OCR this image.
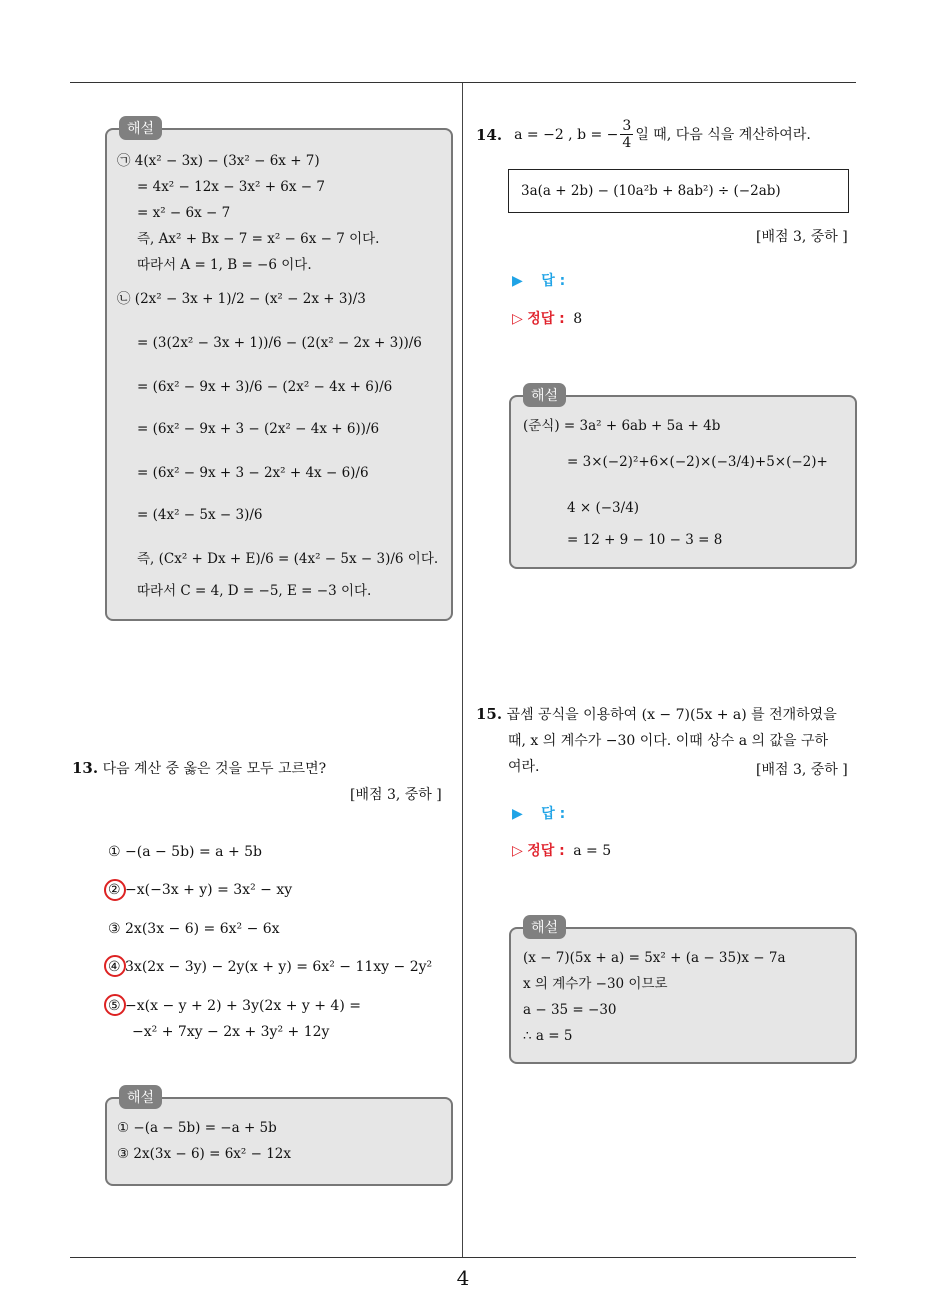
해설
㉠ 4(x² − 3x) − (3x² − 6x + 7)
= 4x² − 12x − 3x² + 6x − 7
= x² − 6x − 7
즉, Ax² + Bx − 7 = x² − 6x − 7 이다.
따라서 A = 1, B = −6 이다.
㉡ (2x² − 3x + 1)/2 − (x² − 2x + 3)/3
= (3(2x² − 3x + 1))/6 − (2(x² − 2x + 3))/6
= (6x² − 9x + 3)/6 − (2x² − 4x + 6)/6
= (6x² − 9x + 3 − (2x² − 4x + 6))/6
= (6x² − 9x + 3 − 2x² + 4x − 6)/6
= (4x² − 5x − 3)/6
즉, (Cx² + Dx + E)/6 = (4x² − 5x − 3)/6 이다.
따라서 C = 4, D = −5, E = −3 이다.
13. 다음 계산 중 옳은 것을 모두 고르면?
[배점 3, 중하 ]
① −(a − 5b) = a + 5b
② −x(−3x + y) = 3x² − xy
③ 2x(3x − 6) = 6x² − 6x
④ 3x(2x − 3y) − 2y(x + y) = 6x² − 11xy − 2y²
⑤ −x(x − y + 2) + 3y(2x + y + 4) =
−x² + 7xy − 2x + 3y² + 12y
해설
① −(a − 5b) = −a + 5b
③ 2x(3x − 6) = 6x² − 12x
14. a = −2 , b = − $\frac{3}{4}$ 일 때, 다음 식을 계산하여라.
3a(a + 2b) − (10a²b + 8ab²) ÷ (−2ab)
[배점 3, 중하 ]
▶ 답 :
▷ 정답 : 8
해설
(준식) = 3a² + 6ab + 5a + 4b
= 3×(−2)²+6×(−2)×(−3/4)+5×(−2)+
4 × (−3/4)
= 12 + 9 − 10 − 3 = 8
15. 곱셈 공식을 이용하여 (x − 7)(5x + a) 를 전개하였을
때, x 의 계수가 −30 이다. 이때 상수 a 의 값을 구하
여라.	[배점 3, 중하 ]
▶ 답 :
▷ 정답 : a = 5
해설
(x − 7)(5x + a) = 5x² + (a − 35)x − 7a
x 의 계수가 −30 이므로
a − 35 = −30
∴ a = 5
4
